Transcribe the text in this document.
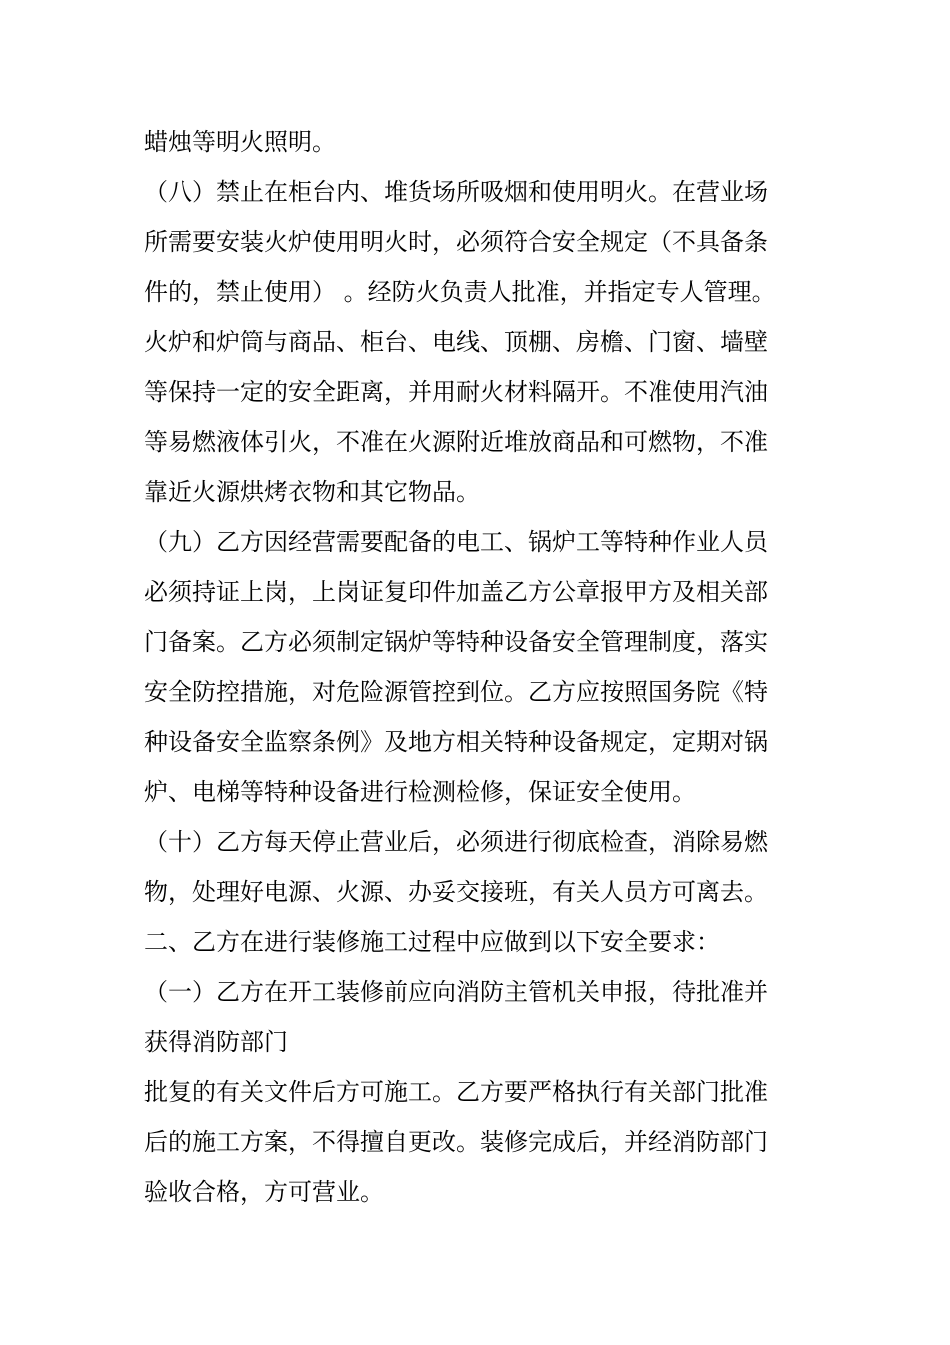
蜡烛等明火照明。
（八）禁止在柜台内、堆货场所吸烟和使用明火。在营业场
所需要安装火炉使用明火时，必须符合安全规定（不具备条
件的，禁止使用） 。经防火负责人批准，并指定专人管理。
火炉和炉筒与商品、柜台、电线、顶棚、房檐、门窗、墙壁
等保持一定的安全距离，并用耐火材料隔开。不准使用汽油
等易燃液体引火，不准在火源附近堆放商品和可燃物，不准
靠近火源烘烤衣物和其它物品。
（九）乙方因经营需要配备的电工、锅炉工等特种作业人员
必须持证上岗，上岗证复印件加盖乙方公章报甲方及相关部
门备案。乙方必须制定锅炉等特种设备安全管理制度，落实
安全防控措施，对危险源管控到位。乙方应按照国务院《特
种设备安全监察条例》及地方相关特种设备规定，定期对锅
炉、电梯等特种设备进行检测检修，保证安全使用。
（十）乙方每天停止营业后，必须进行彻底检查，消除易燃
物，处理好电源、火源、办妥交接班，有关人员方可离去。
二、乙方在进行装修施工过程中应做到以下安全要求：
（一）乙方在开工装修前应向消防主管机关申报，待批准并
获得消防部门
批复的有关文件后方可施工。乙方要严格执行有关部门批准
后的施工方案，不得擅自更改。装修完成后，并经消防部门
验收合格，方可营业。
